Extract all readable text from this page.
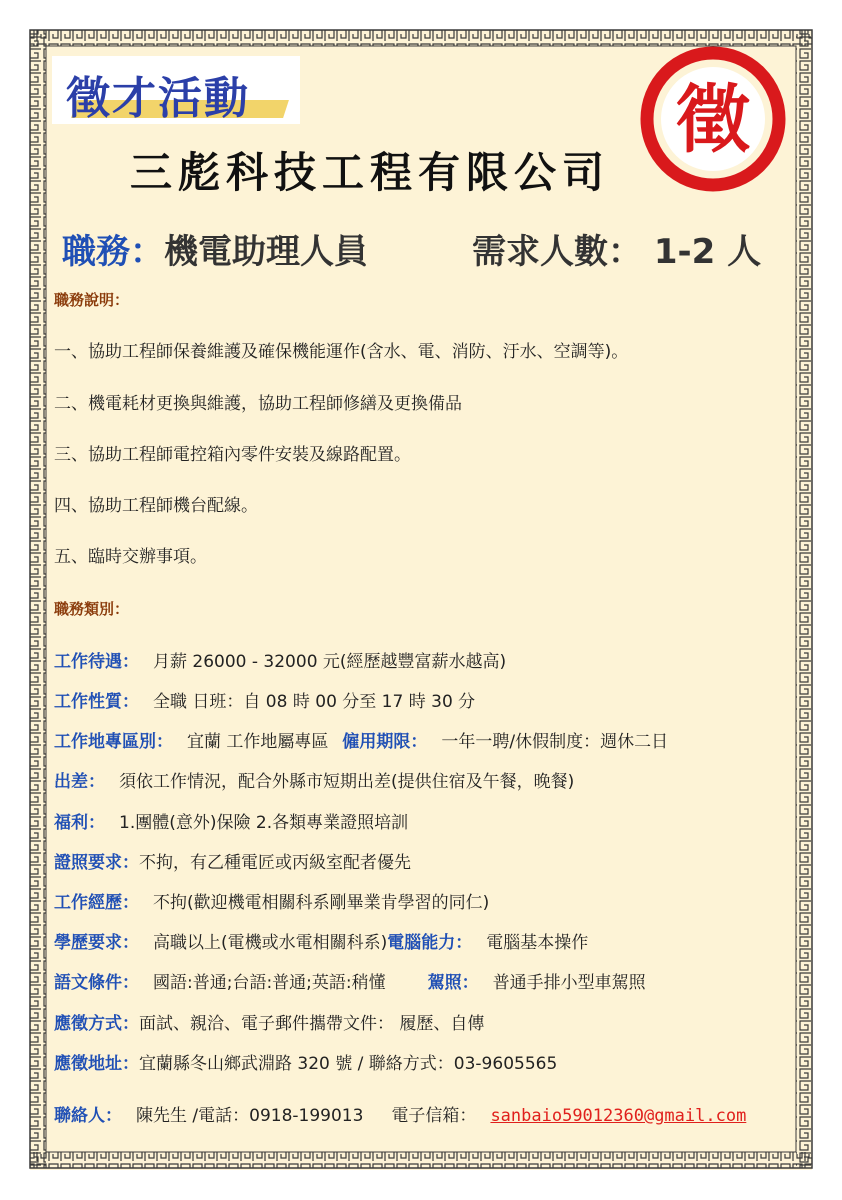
徵才活動	徵
三彪科技工程有限公司
職務：機電助理人員	需求人數： 1-2 人
職務說明：
一、協助工程師保養維護及確保機能運作(含水、電、消防、汙水、空調等)。
二、機電耗材更換與維護，協助工程師修繕及更換備品
三、協助工程師電控箱內零件安裝及線路配置。
四、協助工程師機台配線。
五、臨時交辦事項。
職務類別：
工作待遇： 月薪 26000 - 32000 元(經歷越豐富薪水越高)
工作性質： 全職 日班：自 08 時 00 分至 17 時 30 分
工作地專區別： 宜蘭 工作地屬專區 僱用期限： 一年一聘/休假制度：週休二日
出差： 須依工作情況，配合外縣市短期出差(提供住宿及午餐，晚餐)
福利： 1.團體(意外)保險 2.各類專業證照培訓
證照要求：不拘，有乙種電匠或丙級室配者優先
工作經歷： 不拘(歡迎機電相關科系剛畢業肯學習的同仁)
學歷要求： 高職以上(電機或水電相關科系)電腦能力： 電腦基本操作
語文條件： 國語:普通;台語:普通;英語:稍懂 駕照： 普通手排小型車駕照
應徵方式：面試、親洽、電子郵件攜帶文件： 履歷、自傳
應徵地址：宜蘭縣冬山鄉武淵路 320 號 / 聯絡方式：03-9605565
聯絡人： 陳先生 /電話：0918-199013 電子信箱： sanbaio59012360@gmail.com
